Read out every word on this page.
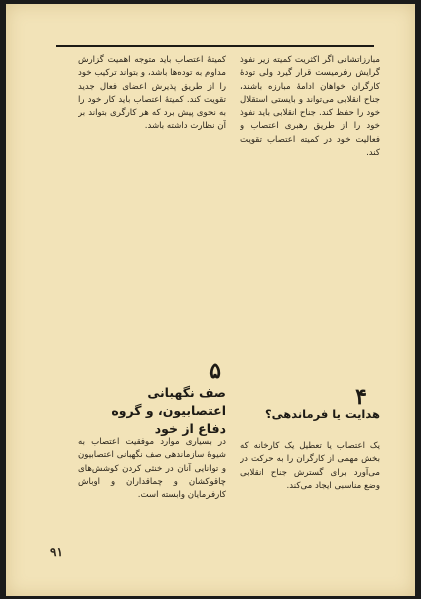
مبارزاتشانی اگر اکثریت کمیته زیر نفوذ گرایش رفرمیست قرار گیرد ولی تودهٔ کارگران خواهان ادامهٔ مبارزه باشند، جناح انقلابی می‌تواند و بایستی استقلال خود را حفظ کند. جناح انقلابی باید نفوذ خود را از طریق رهبری اعتصاب و فعالیت خود در کمیته اعتصاب تقویت کند.

کمیتهٔ اعتصاب باید متوجه اهمیت گزارش مداوم به توده‌ها باشد، و بتواند ترکیب خود را از طریق پذیرش اعضای فعال جدید تقویت کند. کمیتهٔ اعتصاب باید کار خود را به نحوی پیش برد که هر کارگری بتواند بر آن نظارت داشته باشد.

۵
صف نگهبانی اعتصابیون، و گروه دفاع از خود
۴
هدایت یا فرماندهی؟

یک اعتصاب یا تعطیل یک کارخانه که بخش مهمی از کارگران را به حرکت در می‌آورد برای گسترش جناح انقلابی وضع مناسبی ایجاد می‌کند.

در بسیاری موارد موفقیت اعتصاب به شیوهٔ سازماندهی صف نگهبانی اعتصابیون و توانایی آنان در خنثی کردن کوشش‌های چاقوکشان و چماقداران و اوباش کارفرمایان وابسته است.

۹۱
